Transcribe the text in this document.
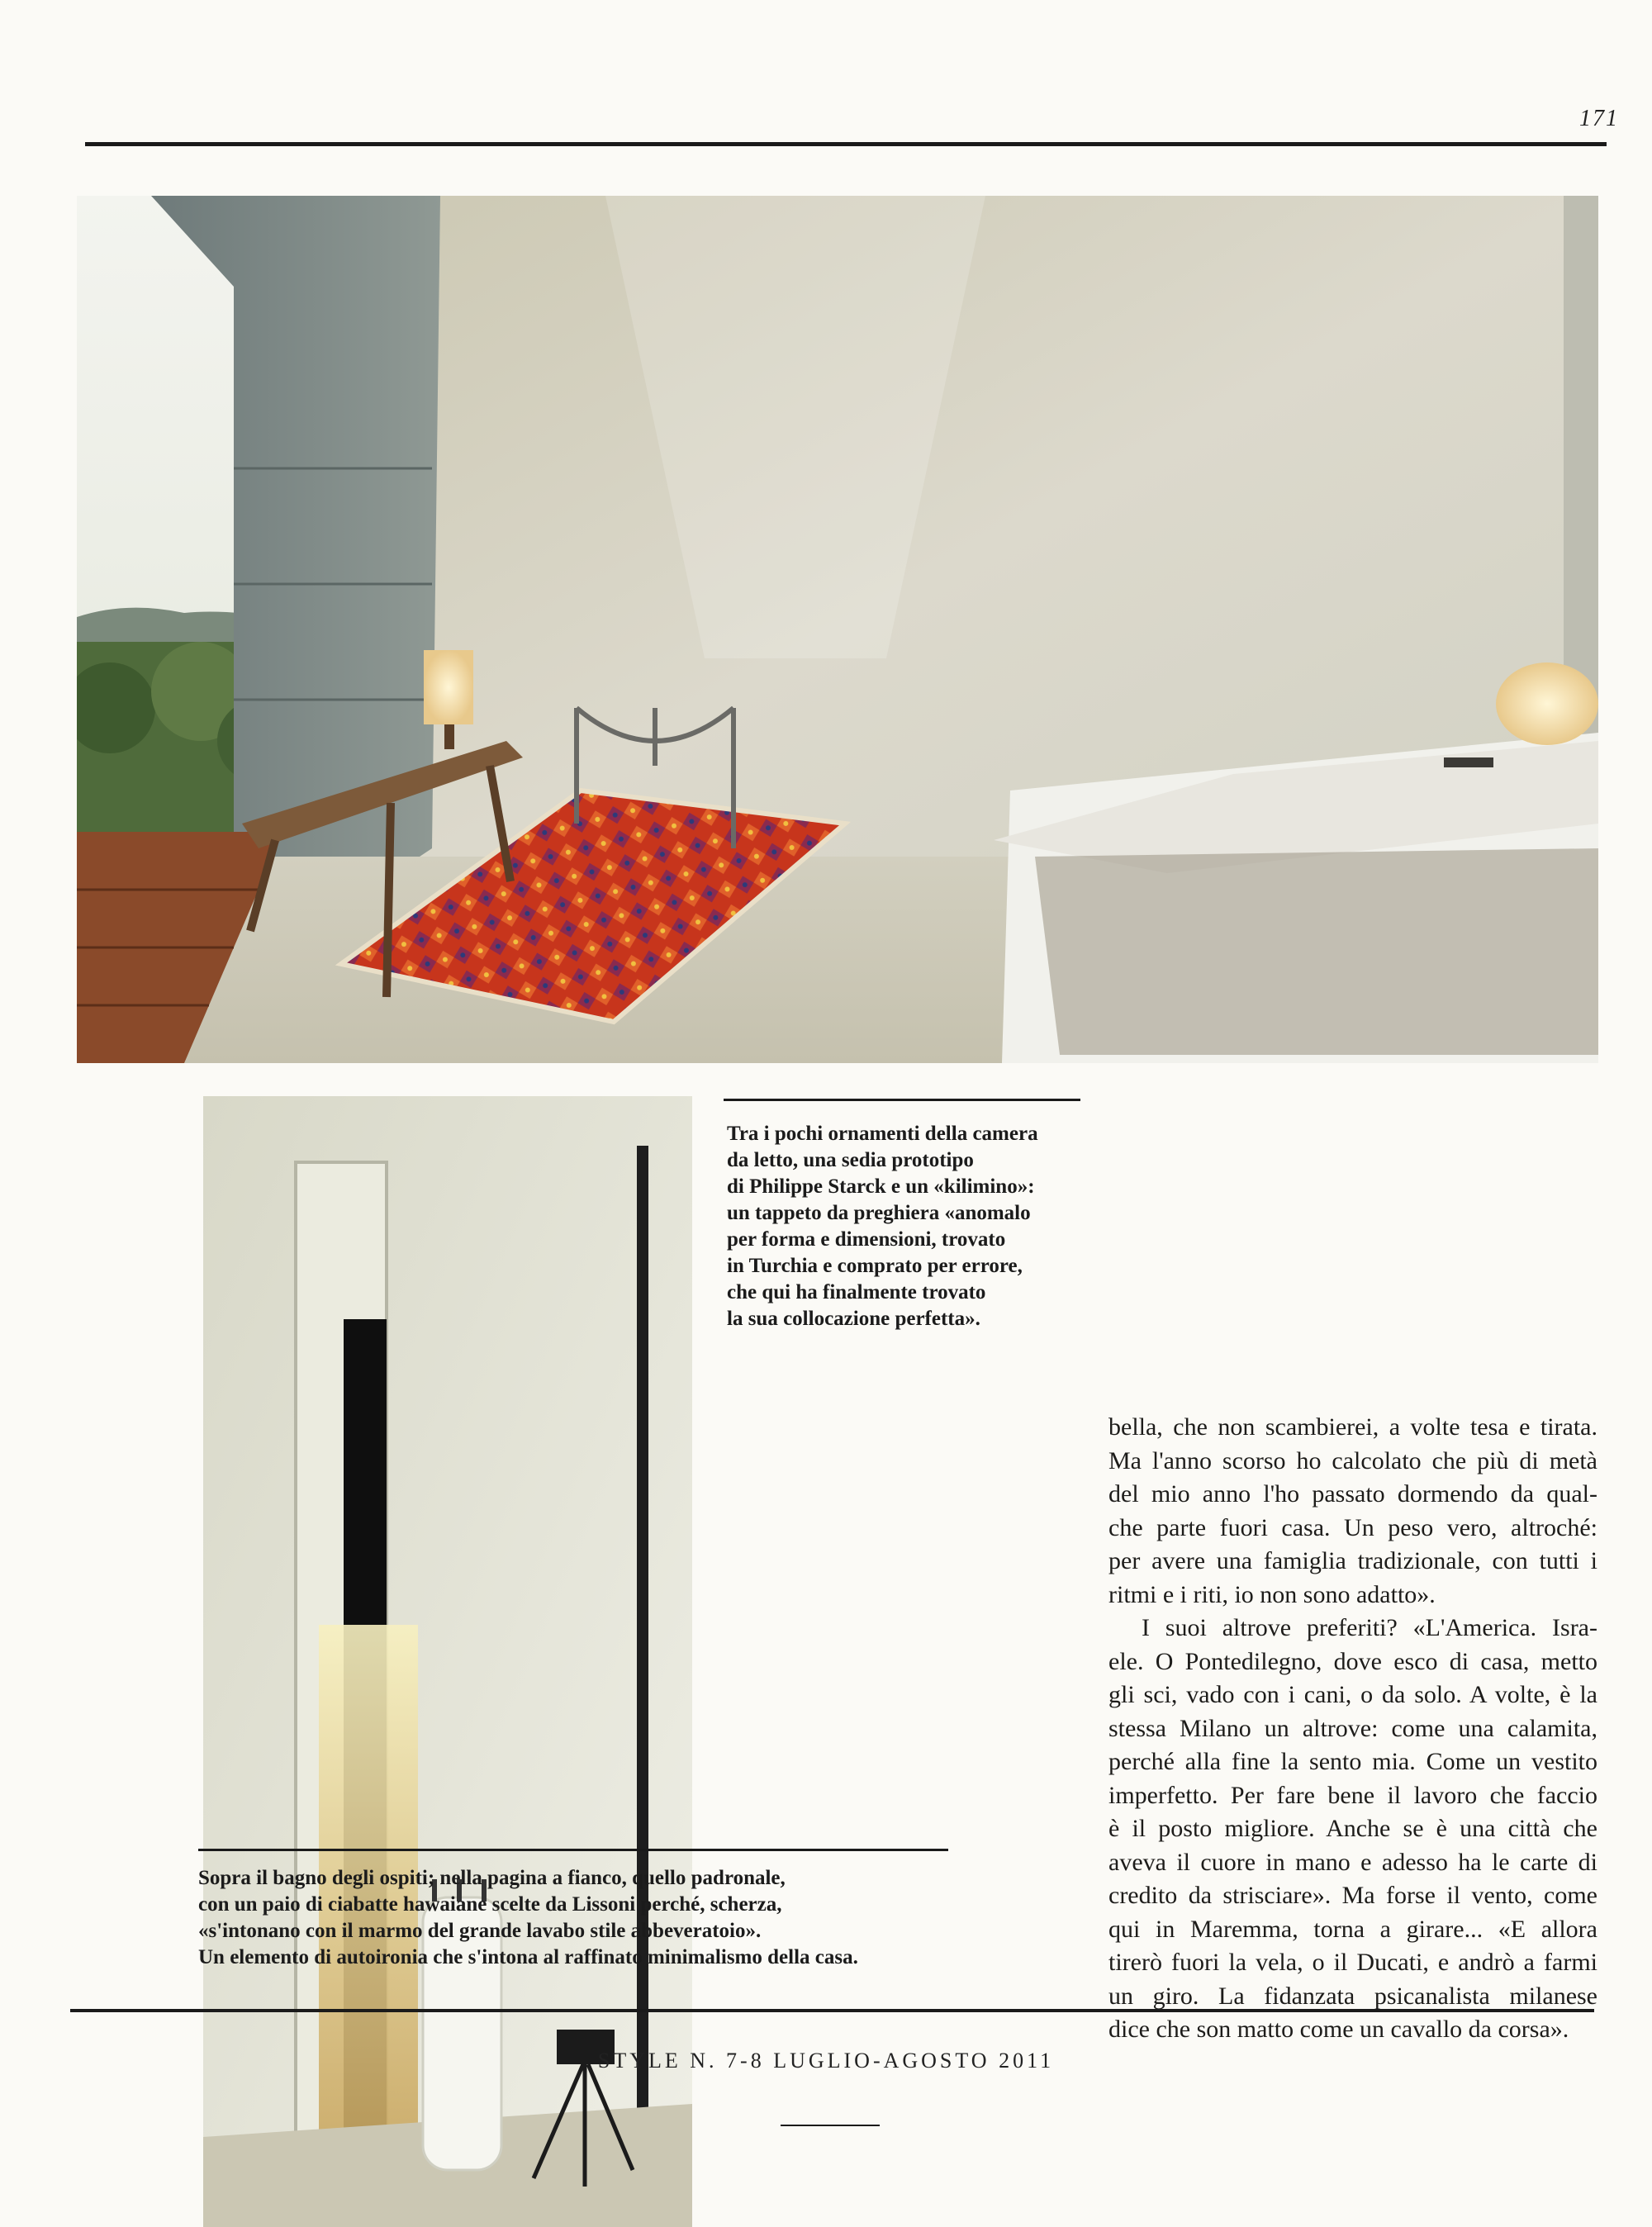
171
Tra i pochi ornamenti della camera
da letto, una sedia prototipo
di Philippe Starck e un «kilimino»:
un tappeto da preghiera «anomalo
per forma e dimensioni, trovato
in Turchia e comprato per errore,
che qui ha finalmente trovato
la sua collocazione perfetta».
Sopra il bagno degli ospiti; nella pagina a fianco, quello padronale,
con un paio di ciabatte hawaiane scelte da Lissoni perché, scherza,
«s'intonano con il marmo del grande lavabo stile abbeveratoio».
Un elemento di autoironia che s'intona al raffinato minimalismo della casa.

bella, che non scambierei, a volte tesa e tirata.

Ma l'anno scorso ho calcolato che più di metà

del mio anno l'ho passato dormendo da qual-

che parte fuori casa. Un peso vero, altroché:

per avere una famiglia tradizionale, con tutti i

ritmi e i riti, io non sono adatto».

I suoi altrove preferiti? «L'America. Isra-

ele. O Pontedilegno, dove esco di casa, metto

gli sci, vado con i cani, o da solo. A volte, è la

stessa Milano un altrove: come una calamita,

perché alla fine la sento mia. Come un vestito

imperfetto. Per fare bene il lavoro che faccio

è il posto migliore. Anche se è una città che

aveva il cuore in mano e adesso ha le carte di

credito da strisciare». Ma forse il vento, come

qui in Maremma, torna a girare... «E allora

tirerò fuori la vela, o il Ducati, e andrò a farmi

un giro. La fidanzata psicanalista milanese

dice che son matto come un cavallo da corsa».

STYLE N. 7-8 LUGLIO-AGOSTO 2011
